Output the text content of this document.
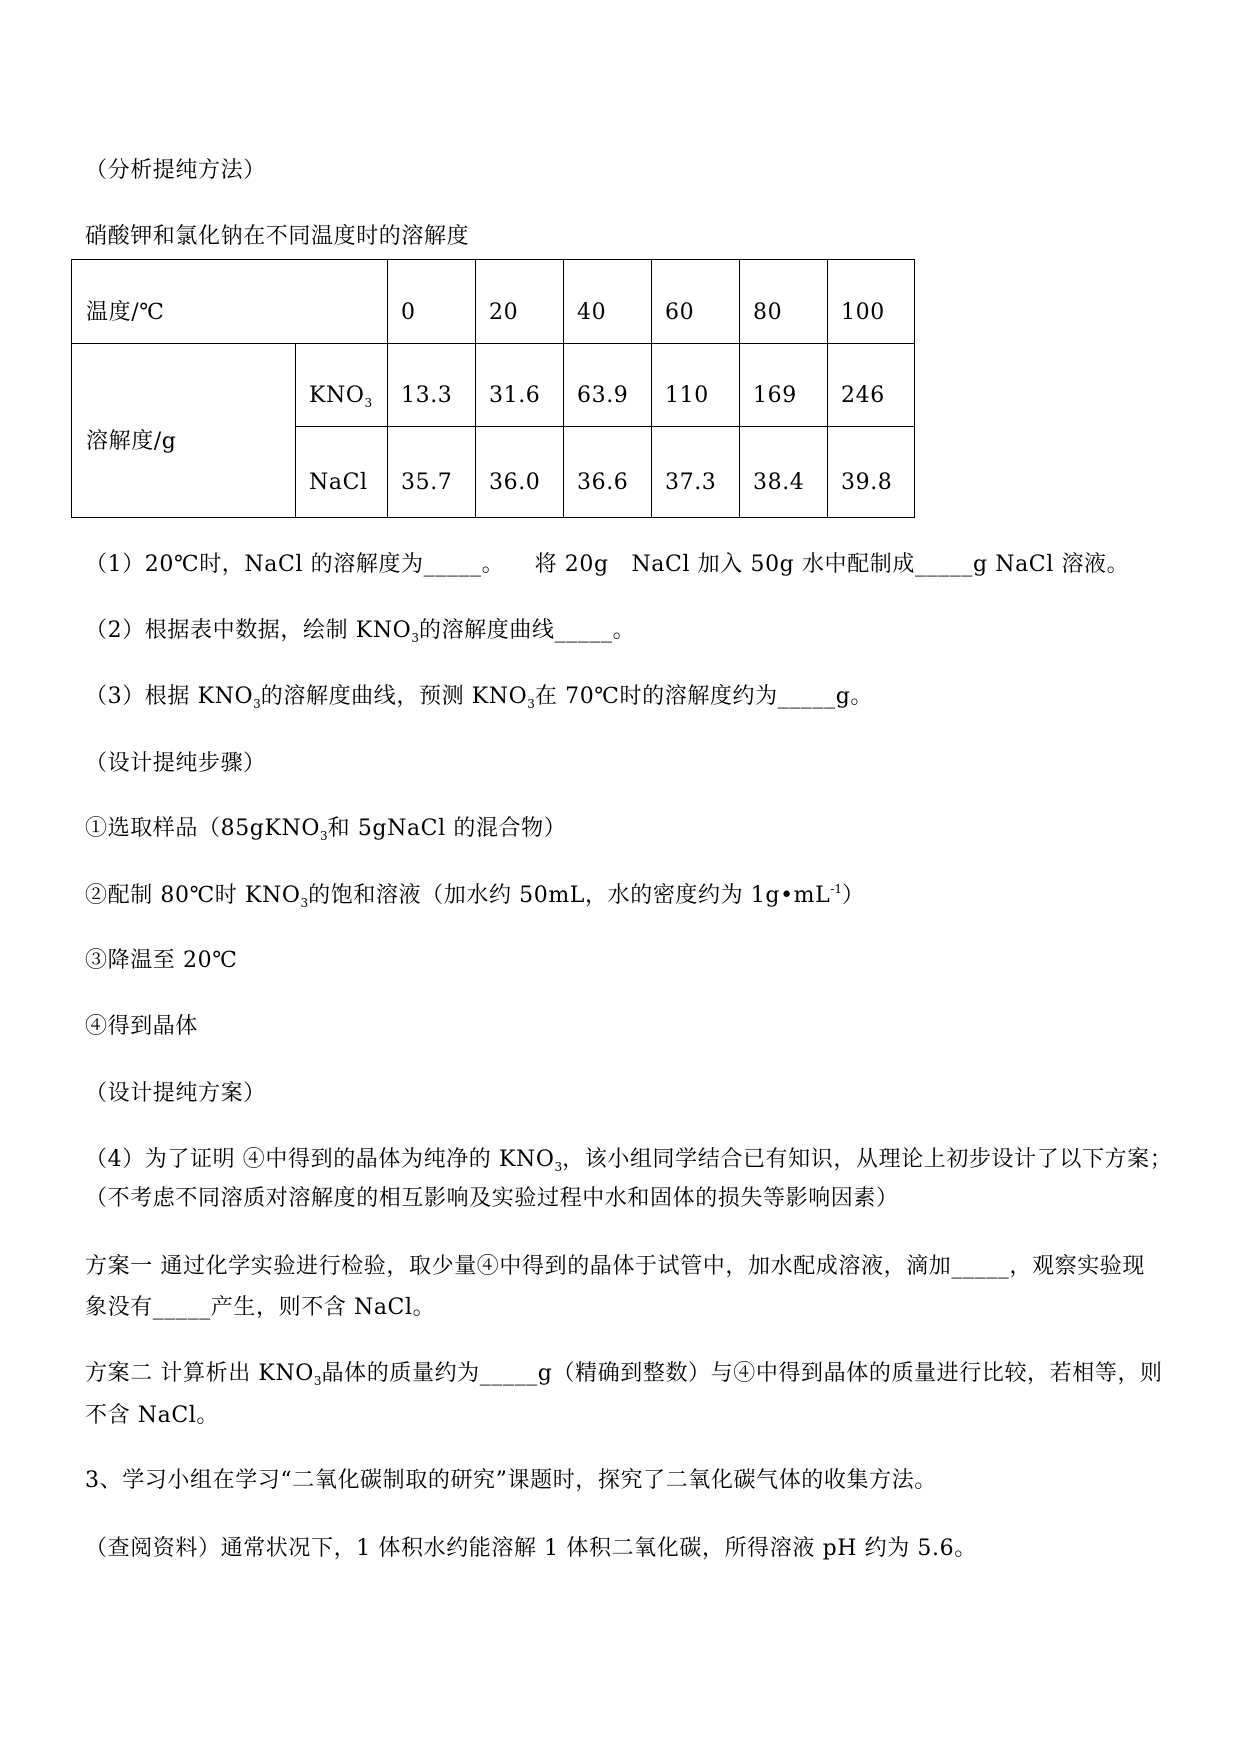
（分析提纯方法）
硝酸钾和氯化钠在不同温度时的溶解度
温度/℃		0	20	40	60	80	100
溶解度/g	$KNO_3$	13.3	31.6	63.9	110	169	246
	NaCl	35.7	36.0	36.6	37.3	38.4	39.8
（1）20℃时，NaCl 的溶解度为_____。    将 20g   NaCl 加入 50g 水中配制成_____g NaCl 溶液。
（2）根据表中数据，绘制 $KNO_3$的溶解度曲线_____。
（3）根据 $KNO_3$的溶解度曲线，预测 $KNO_3$在 70℃时的溶解度约为_____g。
（设计提纯步骤）
①选取样品（85gKNO$_3$和 5gNaCl 的混合物）
②配制 80℃时 $KNO_3$的饱和溶液（加水约 50mL，水的密度约为 $1g•mL^{-1}$）
③降温至 20℃
④得到晶体
（设计提纯方案）
（4）为了证明 ④中得到的晶体为纯净的 $KNO_3$，该小组同学结合已有知识，从理论上初步设计了以下方案；
（不考虑不同溶质对溶解度的相互影响及实验过程中水和固体的损失等影响因素）
方案一 通过化学实验进行检验，取少量④中得到的晶体于试管中，加水配成溶液，滴加_____，观察实验现
象没有_____产生，则不含 NaCl。
方案二 计算析出 $KNO_3$晶体的质量约为_____g（精确到整数）与④中得到晶体的质量进行比较，若相等，则
不含 NaCl。
3、学习小组在学习“二氧化碳制取的研究”课题时，探究了二氧化碳气体的收集方法。
（查阅资料）通常状况下，1 体积水约能溶解 1 体积二氧化碳，所得溶液 pH 约为 5.6。
